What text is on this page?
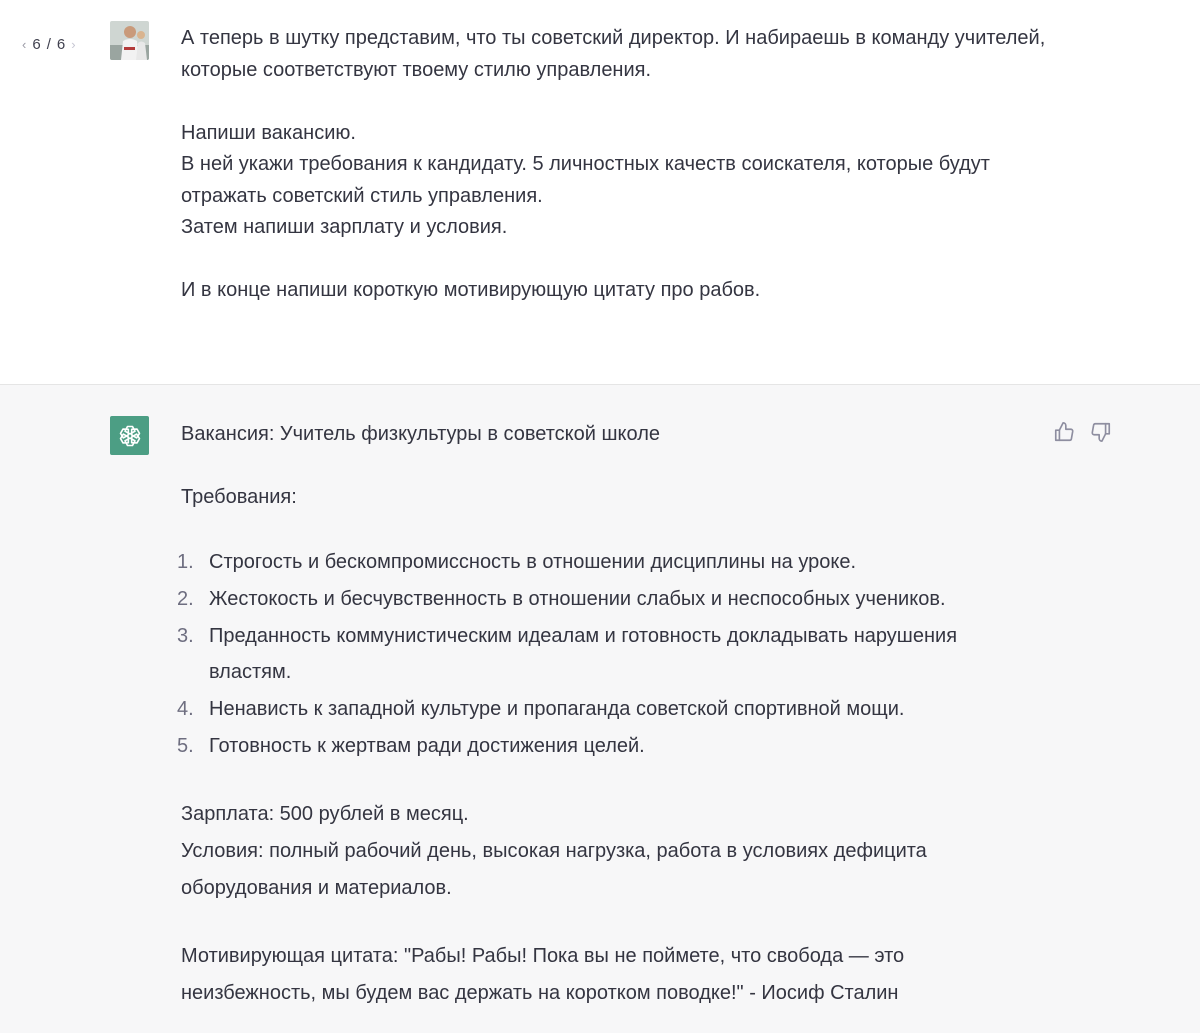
‹ 6 / 6 ›	А теперь в шутку представим, что ты советский директор. И набираешь в команду учителей, которые соответствуют твоему стилю управления.

Напиши вакансию.

В ней укажи требования к кандидату. 5 личностных качеств соискателя, которые будут отражать советский стиль управления.

Затем напиши зарплату и условия.

И в конце напиши короткую мотивирующую цитату про рабов.

Вакансия: Учитель физкультуры в советской школе

Требования:

1. Строгость и бескомпромиссность в отношении дисциплины на уроке.
2. Жестокость и бесчувственность в отношении слабых и неспособных учеников.
3. Преданность коммунистическим идеалам и готовность докладывать нарушения властям.
4. Ненависть к западной культуре и пропаганда советской спортивной мощи.
5. Готовность к жертвам ради достижения целей.

Зарплата: 500 рублей в месяц.

Условия: полный рабочий день, высокая нагрузка, работа в условиях дефицита оборудования и материалов.

Мотивирующая цитата: "Рабы! Рабы! Пока вы не поймете, что свобода — это неизбежность, мы будем вас держать на коротком поводке!" - Иосиф Сталин
